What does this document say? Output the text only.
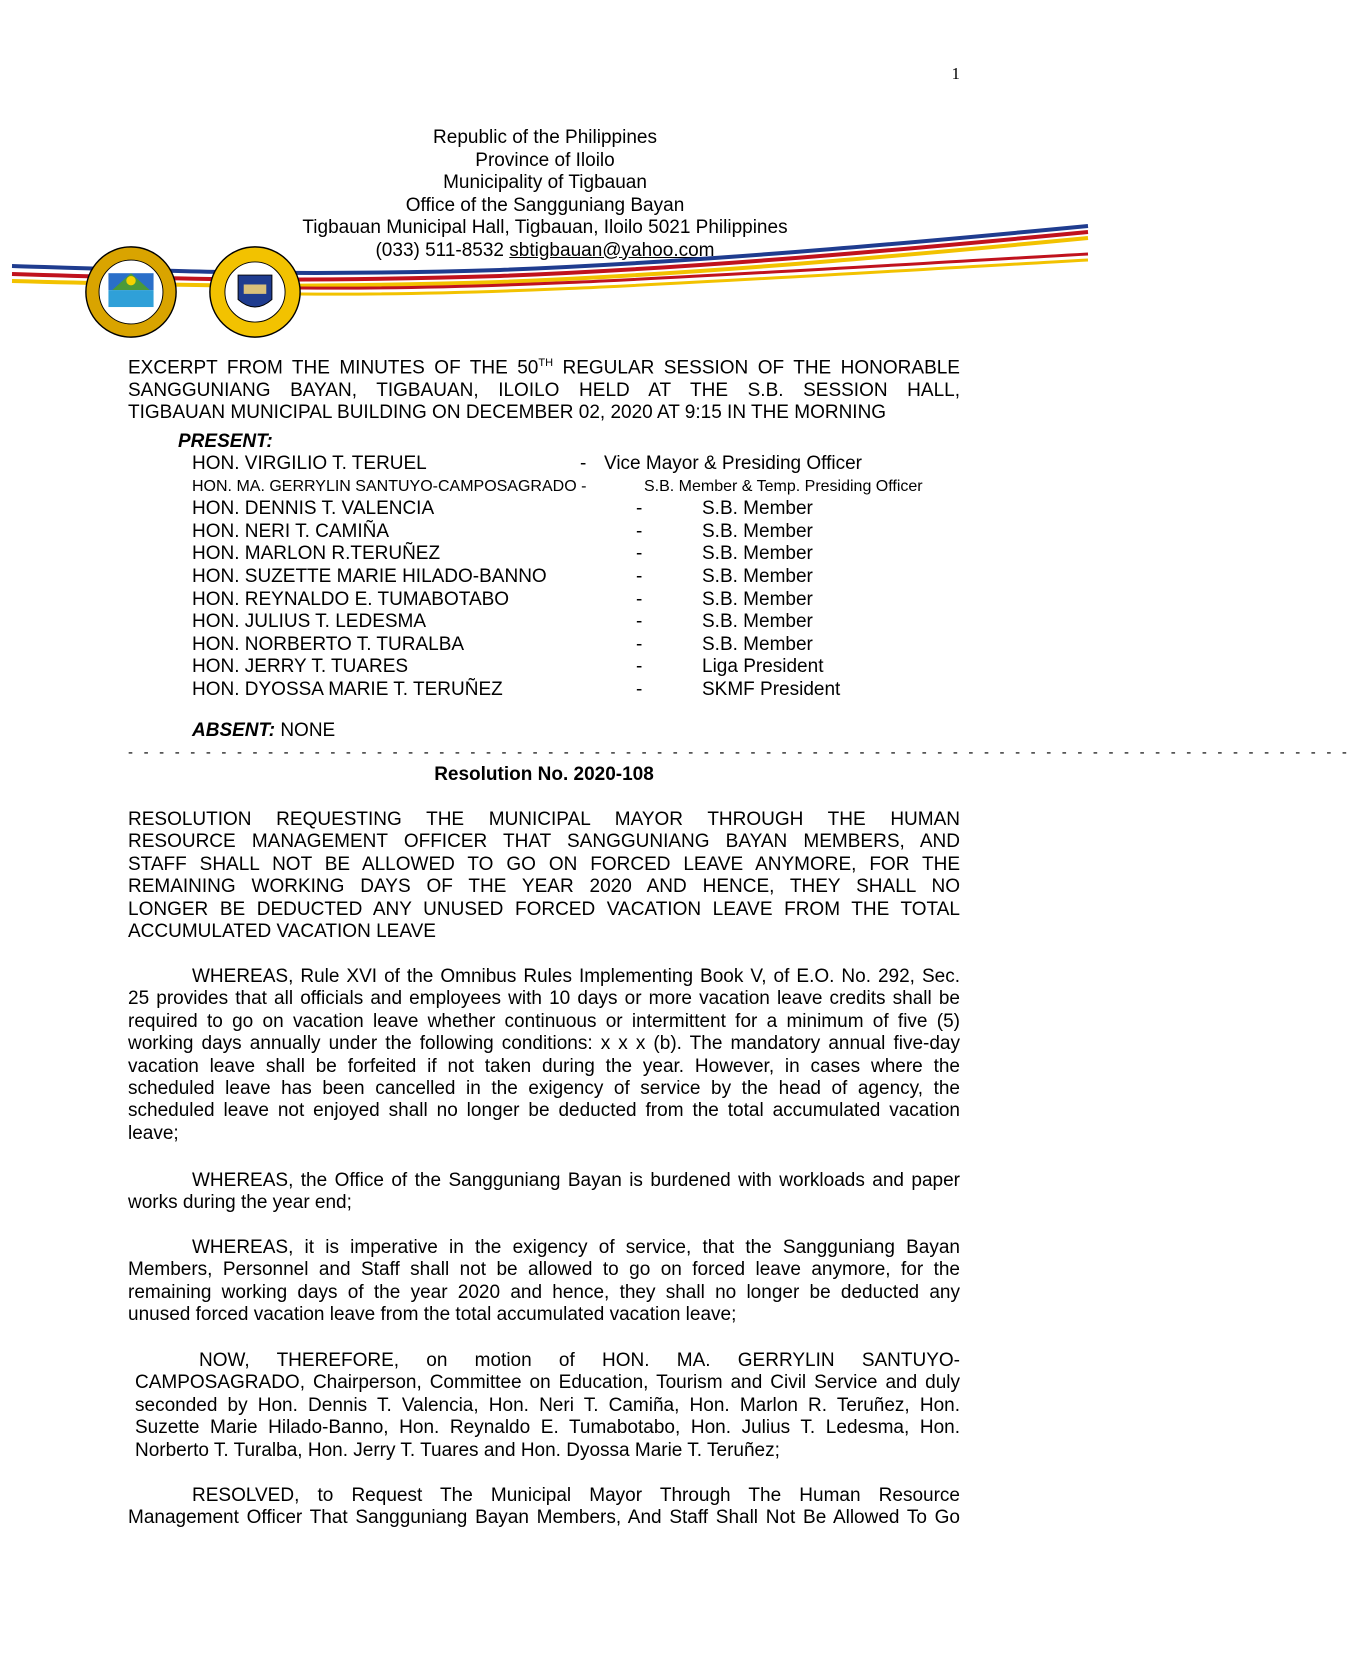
1
Republic of the Philippines
Province of Iloilo
Municipality of Tigbauan
Office of the Sangguniang Bayan
Tigbauan Municipal Hall, Tigbauan, Iloilo 5021 Philippines
(033) 511-8532 sbtigbauan@yahoo.com
EXCERPT FROM THE MINUTES OF THE 50TH REGULAR SESSION OF THE HONORABLE
SANGGUNIANG BAYAN, TIGBAUAN, ILOILO HELD AT THE S.B. SESSION HALL,
TIGBAUAN MUNICIPAL BUILDING ON DECEMBER 02, 2020 AT 9:15 IN THE MORNING
PRESENT:
HON. VIRGILIO T. TERUEL	- Vice Mayor & Presiding Officer
HON. MA. GERRYLIN SANTUYO-CAMPOSAGRADO -	S.B. Member & Temp. Presiding Officer
HON. DENNIS T. VALENCIA	-	S.B. Member
HON. NERI T. CAMIÑA	-	S.B. Member
HON. MARLON R.TERUÑEZ	-	S.B. Member
HON. SUZETTE MARIE HILADO-BANNO	-	S.B. Member
HON. REYNALDO E. TUMABOTABO	-	S.B. Member
HON. JULIUS T. LEDESMA	-	S.B. Member
HON. NORBERTO T. TURALBA	-	S.B. Member
HON. JERRY T. TUARES	-	Liga President
HON. DYOSSA MARIE T. TERUÑEZ	-	SKMF President
ABSENT: NONE
- - - - - - - - - - - - - - - - - - - - - - - - - - - - - - - - - - - - - - - - - - - - - - - - - - - - - - - - - - - - - - - - - - - - - - - - - - - - - - -
Resolution No. 2020-108
RESOLUTION REQUESTING THE MUNICIPAL MAYOR THROUGH THE HUMAN
RESOURCE MANAGEMENT OFFICER THAT SANGGUNIANG BAYAN MEMBERS, AND
STAFF SHALL NOT BE ALLOWED TO GO ON FORCED LEAVE ANYMORE, FOR THE
REMAINING WORKING DAYS OF THE YEAR 2020 AND HENCE, THEY SHALL NO
LONGER BE DEDUCTED ANY UNUSED FORCED VACATION LEAVE FROM THE TOTAL
ACCUMULATED VACATION LEAVE
WHEREAS, Rule XVI of the Omnibus Rules Implementing Book V, of E.O. No. 292, Sec.
25 provides that all officials and employees with 10 days or more vacation leave credits shall be
required to go on vacation leave whether continuous or intermittent for a minimum of five (5)
working days annually under the following conditions: x x x (b). The mandatory annual five-day
vacation leave shall be forfeited if not taken during the year. However, in cases where the
scheduled leave has been cancelled in the exigency of service by the head of agency, the
scheduled leave not enjoyed shall no longer be deducted from the total accumulated vacation
leave;
WHEREAS, the Office of the Sangguniang Bayan is burdened with workloads and paper
works during the year end;
WHEREAS, it is imperative in the exigency of service, that the Sangguniang Bayan
Members, Personnel and Staff shall not be allowed to go on forced leave anymore, for the
remaining working days of the year 2020 and hence, they shall no longer be deducted any
unused forced vacation leave from the total accumulated vacation leave;
NOW, THEREFORE, on motion of HON. MA. GERRYLIN SANTUYO-
CAMPOSAGRADO, Chairperson, Committee on Education, Tourism and Civil Service and duly
seconded by Hon. Dennis T. Valencia, Hon. Neri T. Camiña, Hon. Marlon R. Teruñez, Hon.
Suzette Marie Hilado-Banno, Hon. Reynaldo E. Tumabotabo, Hon. Julius T. Ledesma, Hon.
Norberto T. Turalba, Hon. Jerry T. Tuares and Hon. Dyossa Marie T. Teruñez;
RESOLVED, to Request The Municipal Mayor Through The Human Resource
Management Officer That Sangguniang Bayan Members, And Staff Shall Not Be Allowed To Go
